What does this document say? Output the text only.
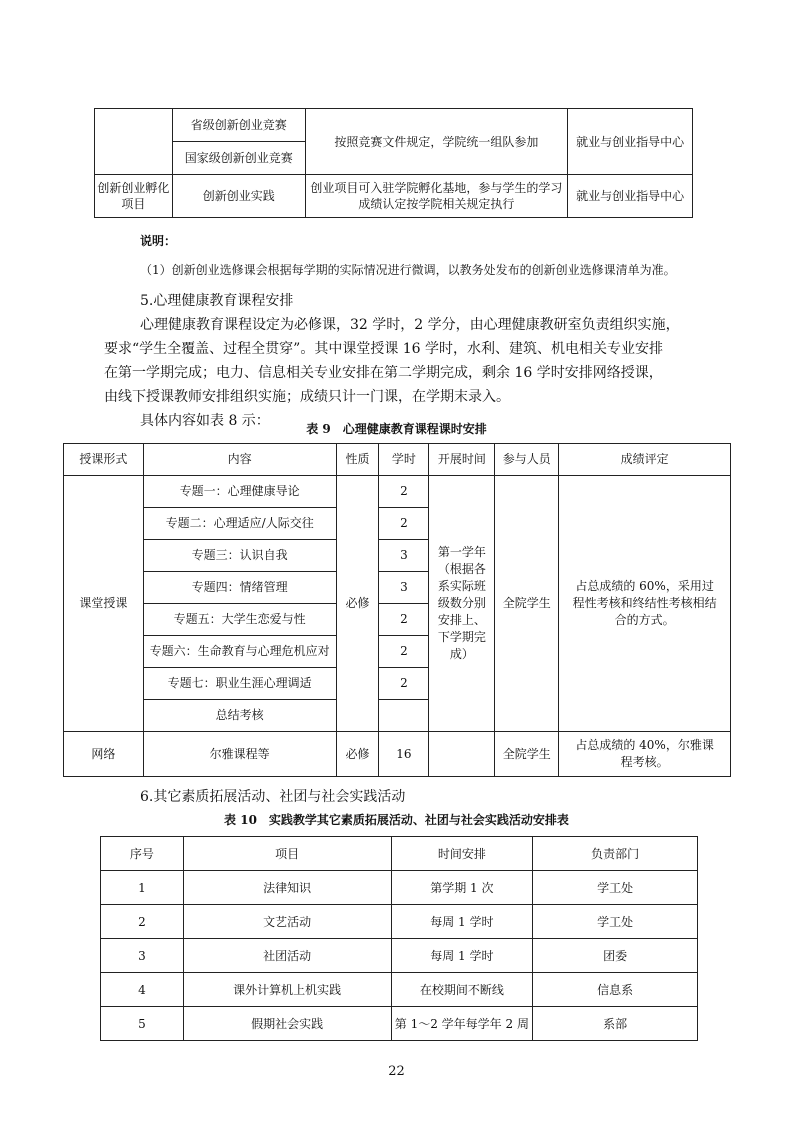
	省级创新创业竞赛	按照竞赛文件规定，学院统一组队参加	就业与创业指导中心
	国家级创新创业竞赛		
创新创业孵化项目	创新创业实践	创业项目可入驻学院孵化基地，参与学生的学习成绩认定按学院相关规定执行	就业与创业指导中心
说明：
（1）创新创业选修课会根据每学期的实际情况进行微调，以教务处发布的创新创业选修课清单为准。
5.心理健康教育课程安排
心理健康教育课程设定为必修课，32 学时，2 学分，由心理健康教研室负责组织实施，
要求“学生全覆盖、过程全贯穿”。其中课堂授课 16 学时，水利、建筑、机电相关专业安排
在第一学期完成；电力、信息相关专业安排在第二学期完成，剩余 16 学时安排网络授课，
由线下授课教师安排组织实施；成绩只计一门课，在学期末录入。
具体内容如表 8 示：	表 9　心理健康教育课程课时安排
授课形式	内容	性质	学时	开展时间	参与人员	成绩评定
课堂授课	专题一：心理健康导论	必修	2	第一学年（根据各系实际班级数分别安排上、下学期完成）	全院学生	占总成绩的 60%，采用过程性考核和终结性考核相结合的方式。
	专题二：心理适应/人际交往		2			
	专题三：认识自我		3			
	专题四：情绪管理		3			
	专题五：大学生恋爱与性		2			
	专题六：生命教育与心理危机应对		2			
	专题七：职业生涯心理调适		2			
	总结考核					
网络	尔雅课程等	必修	16		全院学生	占总成绩的 40%，尔雅课程考核。
6.其它素质拓展活动、社团与社会实践活动
表 10　实践教学其它素质拓展活动、社团与社会实践活动安排表
序号	项目	时间安排	负责部门
1	法律知识	第学期 1 次	学工处
2	文艺活动	每周 1 学时	学工处
3	社团活动	每周 1 学时	团委
4	课外计算机上机实践	在校期间不断线	信息系
5	假期社会实践	第 1～2 学年每学年 2 周	系部
22
